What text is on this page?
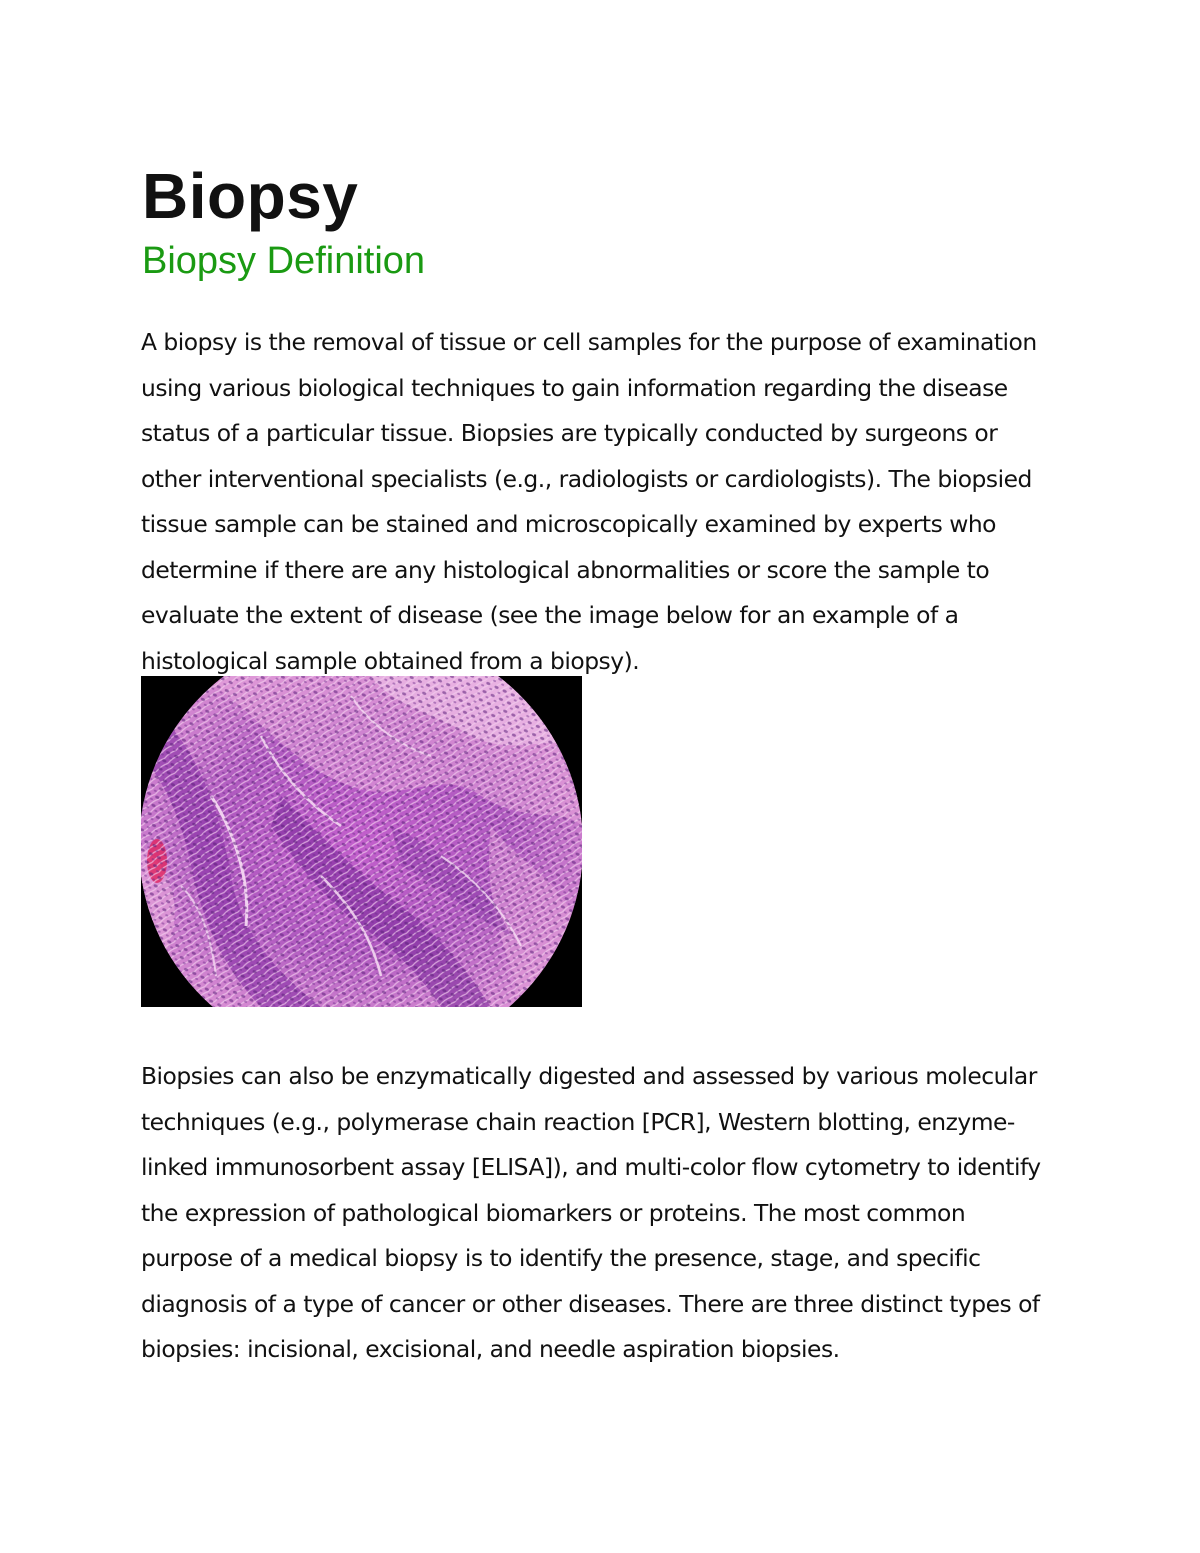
Biopsy
Biopsy Definition

A biopsy is the removal of tissue or cell samples for the purpose of examination
using various biological techniques to gain information regarding the disease
status of a particular tissue. Biopsies are typically conducted by surgeons or
other interventional specialists (e.g., radiologists or cardiologists). The biopsied
tissue sample can be stained and microscopically examined by experts who
determine if there are any histological abnormalities or score the sample to
evaluate the extent of disease (see the image below for an example of a
histological sample obtained from a biopsy).

Biopsies can also be enzymatically digested and assessed by various molecular
techniques (e.g., polymerase chain reaction [PCR], Western blotting, enzyme-
linked immunosorbent assay [ELISA]), and multi-color flow cytometry to identify
the expression of pathological biomarkers or proteins. The most common
purpose of a medical biopsy is to identify the presence, stage, and specific
diagnosis of a type of cancer or other diseases. There are three distinct types of
biopsies: incisional, excisional, and needle aspiration biopsies.
